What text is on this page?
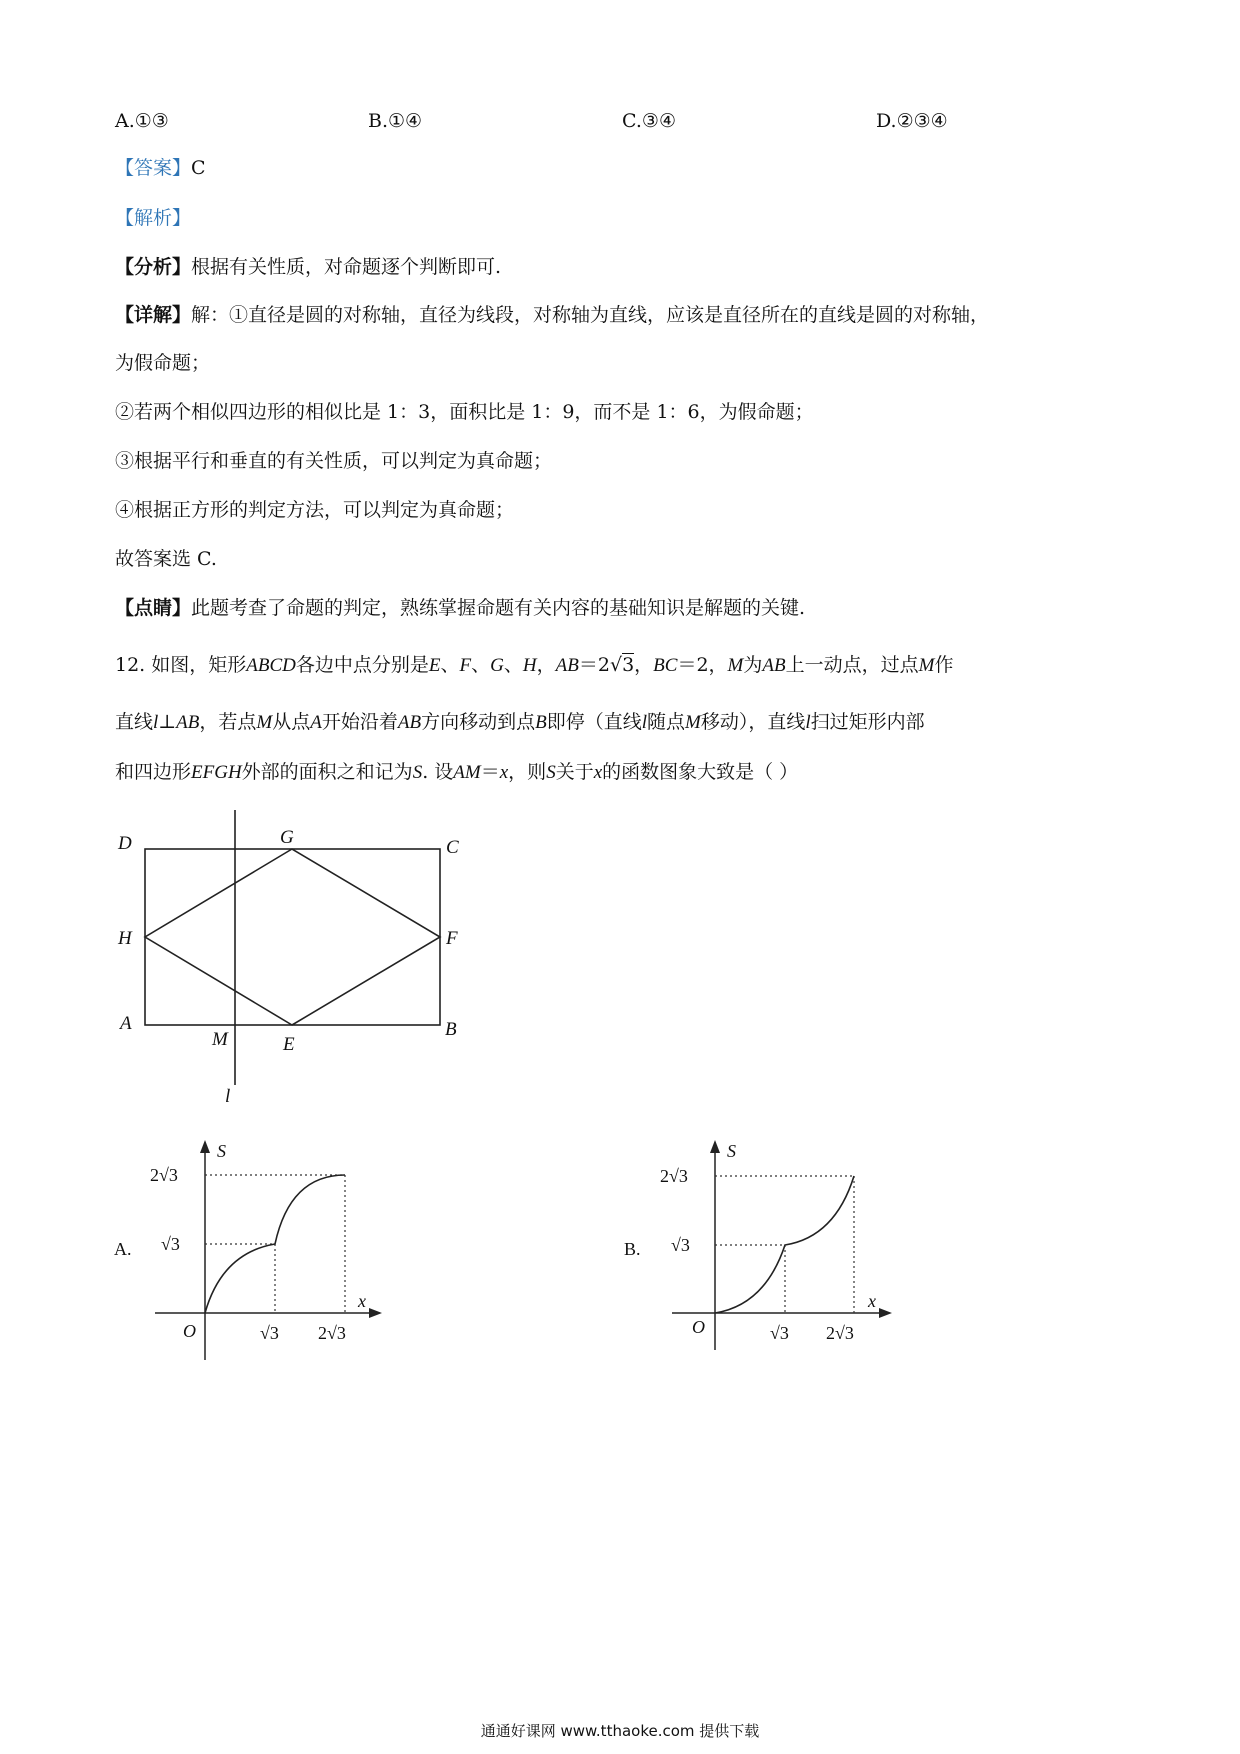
A.①③	B.①④	C.③④	D.②③④
【答案】C
【解析】
【分析】根据有关性质，对命题逐个判断即可.
【详解】解：①直径是圆的对称轴，直径为线段，对称轴为直线，应该是直径所在的直线是圆的对称轴，
为假命题；
②若两个相似四边形的相似比是 1：3，面积比是 1：9，而不是 1：6，为假命题；
③根据平行和垂直的有关性质，可以判定为真命题；
④根据正方形的判定方法，可以判定为真命题；
故答案选 C.
【点睛】此题考查了命题的判定，熟练掌握命题有关内容的基础知识是解题的关键.
12. 如图，矩形ABCD各边中点分别是E、F、G、H，AB＝2√3，BC＝2，M为AB上一动点，过点M作
直线l⊥AB，若点M从点A开始沿着AB方向移动到点B即停（直线l随点M移动），直线l扫过矩形内部
和四边形EFGH外部的面积之和记为S. 设AM＝x，则S关于x的函数图象大致是（ ）
D	G	C
H	F
A	B
M	E
l
A.
S
x
O
2√3
√3
√3 2√3
B.
S
x
O
2√3
√3
√3 2√3
通通好课网 www.tthaoke.com 提供下载
